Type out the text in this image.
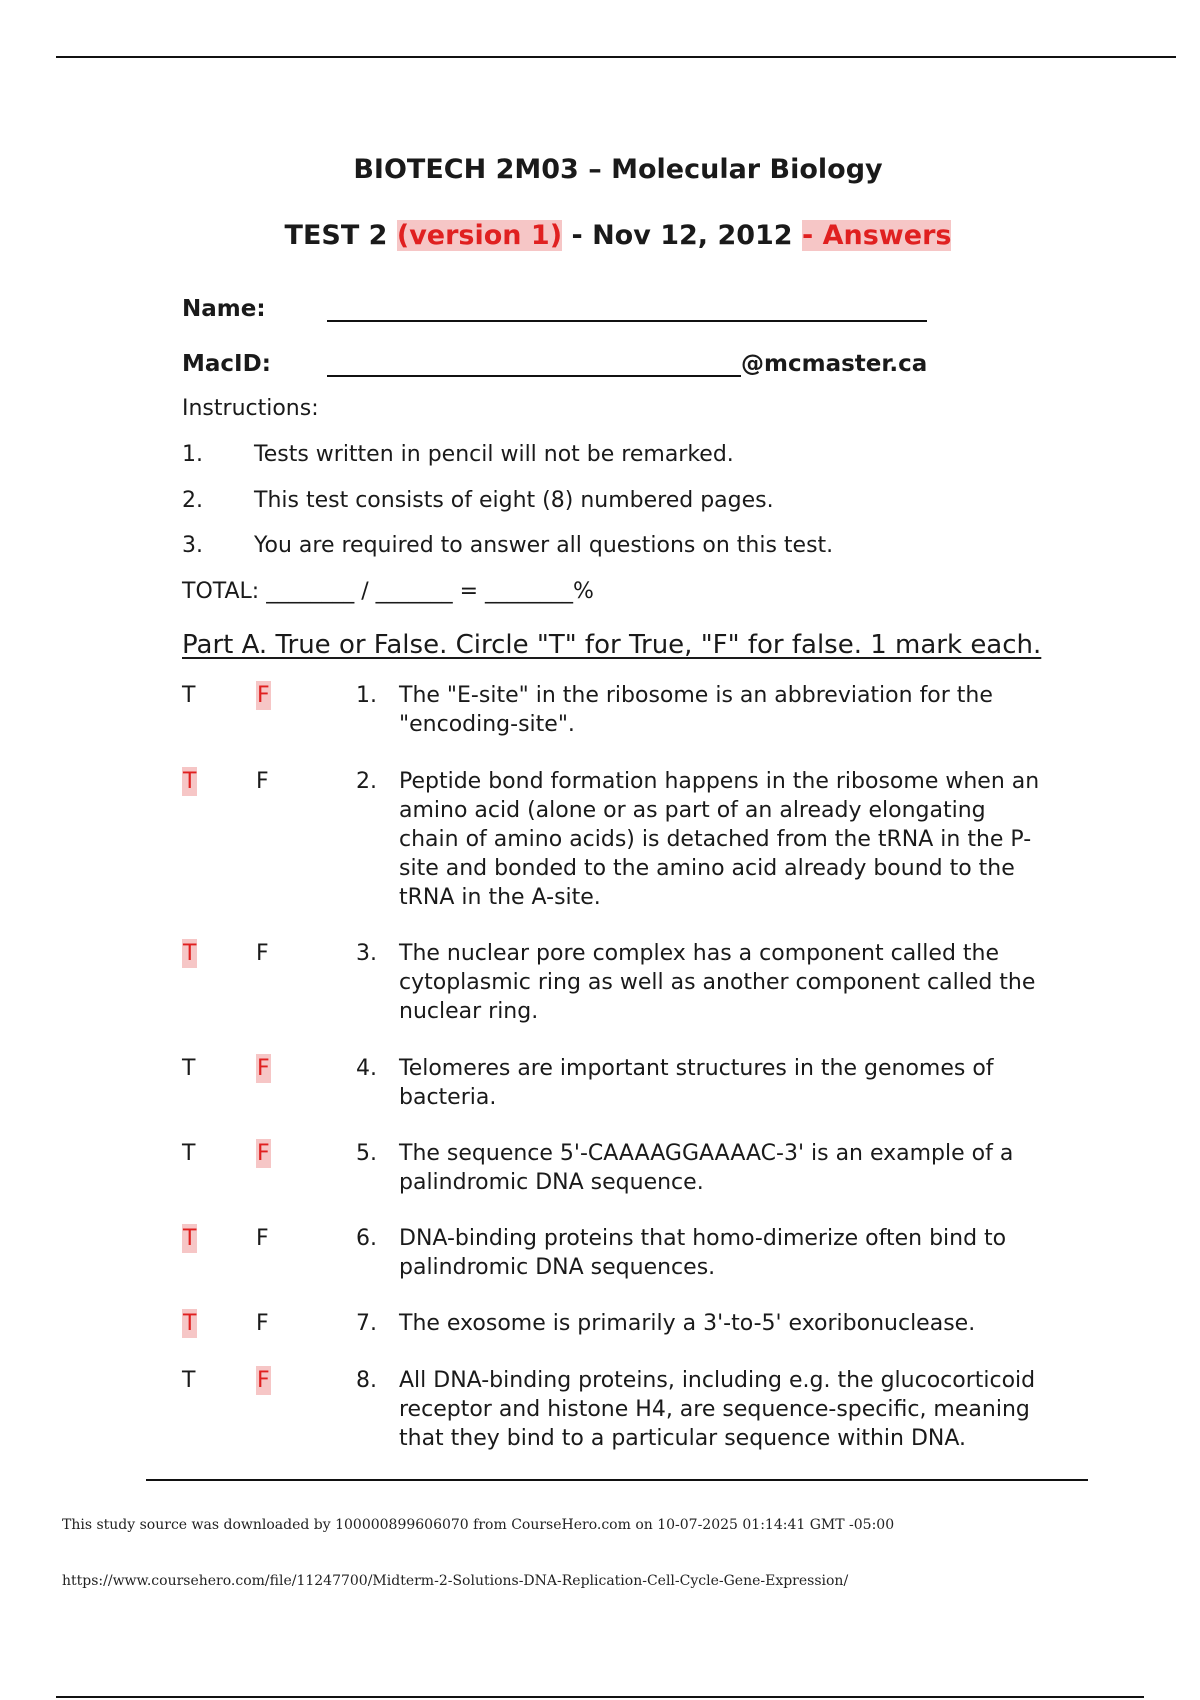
BIOTECH 2M03 – Molecular Biology
TEST 2 (version 1) - Nov 12, 2012 - Answers
Name:
MacID:	@mcmaster.ca
Instructions:
1. Tests written in pencil will not be remarked.
2. This test consists of eight (8) numbered pages.
3. You are required to answer all questions on this test.
TOTAL: ________ / _______ = ________%
Part A. True or False. Circle "T" for True, "F" for false. 1 mark each.
T	F	1. The "E-site" in the ribosome is an abbreviation for the "encoding-site".
T	F	2. Peptide bond formation happens in the ribosome when an amino acid (alone or as part of an already elongating chain of amino acids) is detached from the tRNA in the P-site and bonded to the amino acid already bound to the tRNA in the A-site.
T	F	3. The nuclear pore complex has a component called the cytoplasmic ring as well as another component called the nuclear ring.
T	F	4. Telomeres are important structures in the genomes of bacteria.
T	F	5. The sequence 5'-CAAAAGGAAAAC-3' is an example of a palindromic DNA sequence.
T	F	6. DNA-binding proteins that homo-dimerize often bind to palindromic DNA sequences.
T	F	7. The exosome is primarily a 3'-to-5' exoribonuclease.
T	F	8. All DNA-binding proteins, including e.g. the glucocorticoid receptor and histone H4, are sequence-specific, meaning that they bind to a particular sequence within DNA.
This study source was downloaded by 100000899606070 from CourseHero.com on 10-07-2025 01:14:41 GMT -05:00
https://www.coursehero.com/file/11247700/Midterm-2-Solutions-DNA-Replication-Cell-Cycle-Gene-Expression/
